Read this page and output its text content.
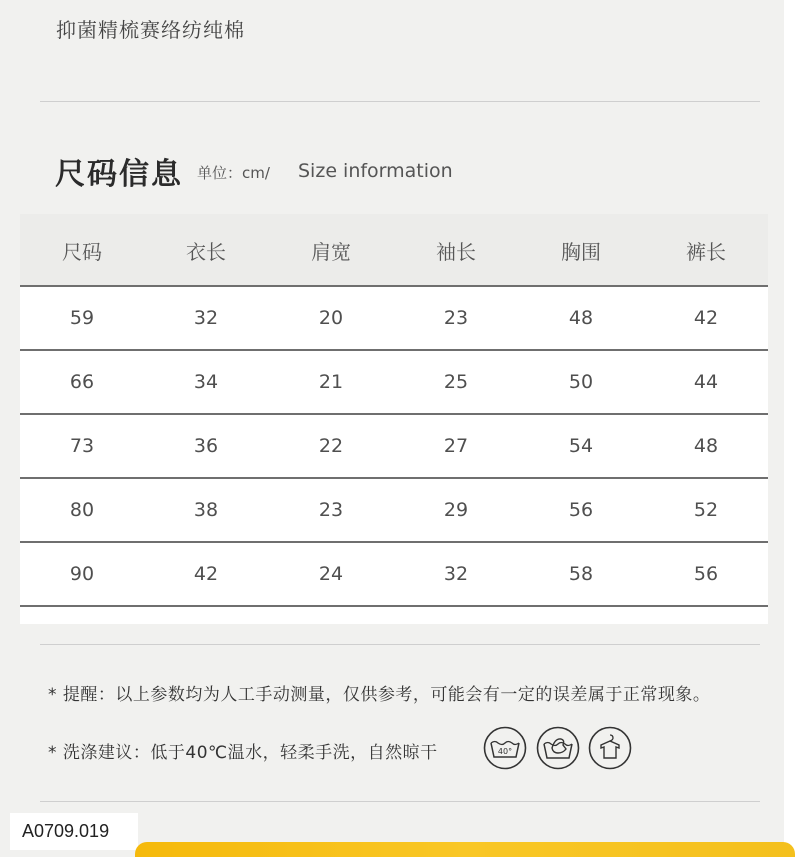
抑菌精梳赛络纺纯棉
尺码信息 单位：cm/ Size information
尺码	衣长	肩宽	袖长	胸围	裤长
59	32	20	23	48	42
66	34	21	25	50	44
73	36	22	27	54	48
80	38	23	29	56	52
90	42	24	32	58	56
* 提醒：以上参数均为人工手动测量，仅供参考，可能会有一定的误差属于正常现象。
* 洗涤建议：低于40℃温水，轻柔手洗，自然晾干	40°
A0709.019
